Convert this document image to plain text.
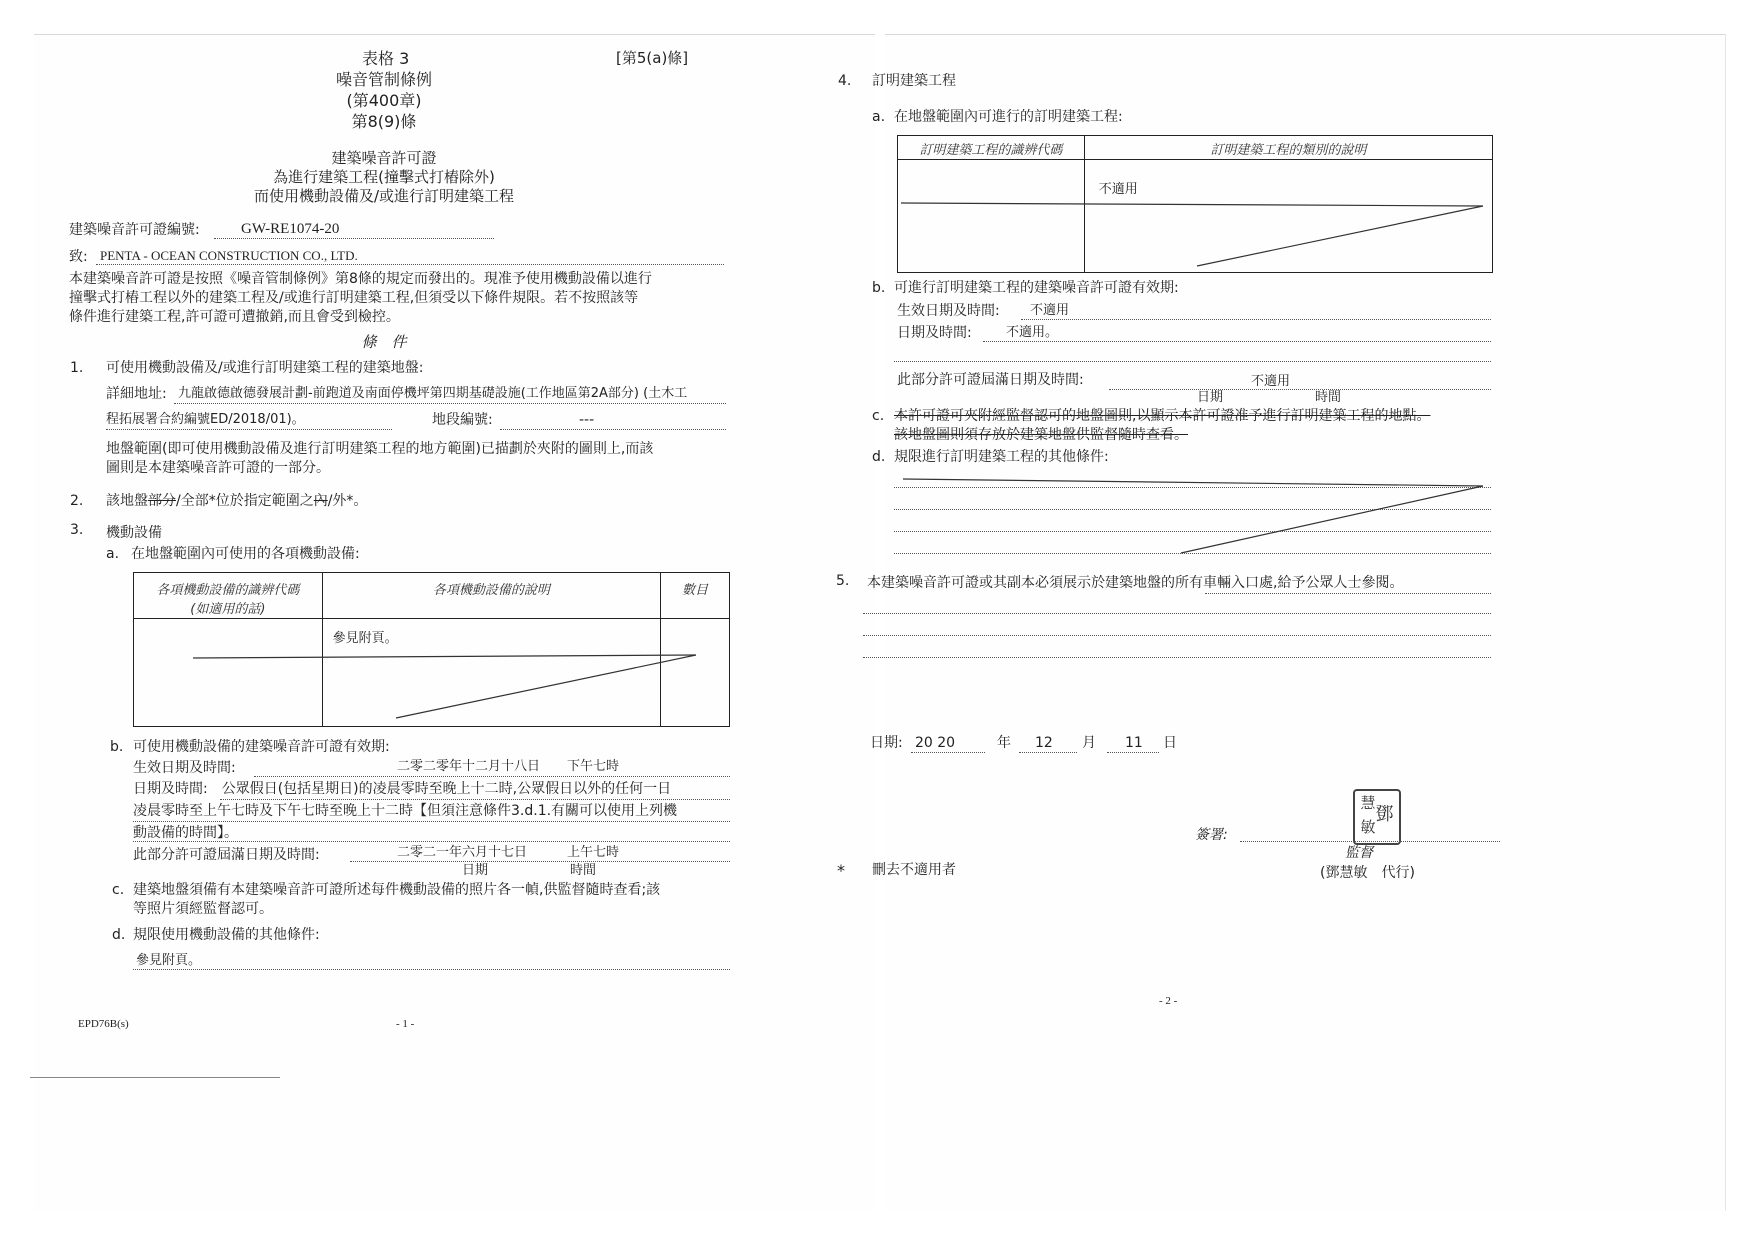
表格 3	[第5(a)條]
噪音管制條例
(第400章)
第8(9)條
建築噪音許可證
為進行建築工程(撞擊式打樁除外)
而使用機動設備及/或進行訂明建築工程
建築噪音許可證編號:	GW-RE1074-20
致: PENTA - OCEAN CONSTRUCTION CO., LTD.
本建築噪音許可證是按照《噪音管制條例》第8條的規定而發出的。現准予使用機動設備以進行
撞擊式打樁工程以外的建築工程及/或進行訂明建築工程,但須受以下條件規限。若不按照該等
條件進行建築工程,許可證可遭撤銷,而且會受到檢控。
條　件
1. 可使用機動設備及/或進行訂明建築工程的建築地盤:
詳細地址: 九龍啟德啟德發展計劃-前跑道及南面停機坪第四期基礎設施(工作地區第2A部分) (土木工
程拓展署合約編號ED/2018/01)。	地段編號:	---
地盤範圍(即可使用機動設備及進行訂明建築工程的地方範圍)已描劃於夾附的圖則上,而該
圖則是本建築噪音許可證的一部分。
2. 該地盤部分/全部*位於指定範圍之內/外*。
3. 機動設備
a. 在地盤範圍內可使用的各項機動設備:
各項機動設備的識辨代碼
(如適用的話)	各項機動設備的說明	數目

	參見附頁。	

b. 可使用機動設備的建築噪音許可證有效期:
生效日期及時間:	二零二零年十二月十八日 下午七時
日期及時間:　公眾假日(包括星期日)的凌晨零時至晚上十二時,公眾假日以外的任何一日
凌晨零時至上午七時及下午七時至晚上十二時【但須注意條件3.d.1.有關可以使用上列機
動設備的時間】。
此部分許可證屆滿日期及時間:	二零二一年六月十七日	上午七時
日期	時間
c. 建築地盤須備有本建築噪音許可證所述每件機動設備的照片各一幀,供監督隨時查看;該
等照片須經監督認可。
d. 規限使用機動設備的其他條件:
參見附頁。
EPD76B(s)	- 1 -
4. 訂明建築工程
a. 在地盤範圍內可進行的訂明建築工程:
訂明建築工程的識辨代碼	訂明建築工程的類別的說明

	不適用
b. 可進行訂明建築工程的建築噪音許可證有效期:
生效日期及時間: 不適用
日期及時間:	不適用。
此部分許可證屆滿日期及時間:	不適用
日期	時間
c. 本許可證可夾附經監督認可的地盤圖則,以顯示本許可證准予進行訂明建築工程的地點。
該地盤圖則須存放於建築地盤供監督隨時查看。
d. 規限進行訂明建築工程的其他條件:
5. 本建築噪音許可證或其副本必須展示於建築地盤的所有車輛入口處,給予公眾人士參閱。
日期: 20 20	年 12 月 11 日
鄧
慧
敏
簽署:
監督
(鄧慧敏　代行)
* 刪去不適用者
- 2 -
